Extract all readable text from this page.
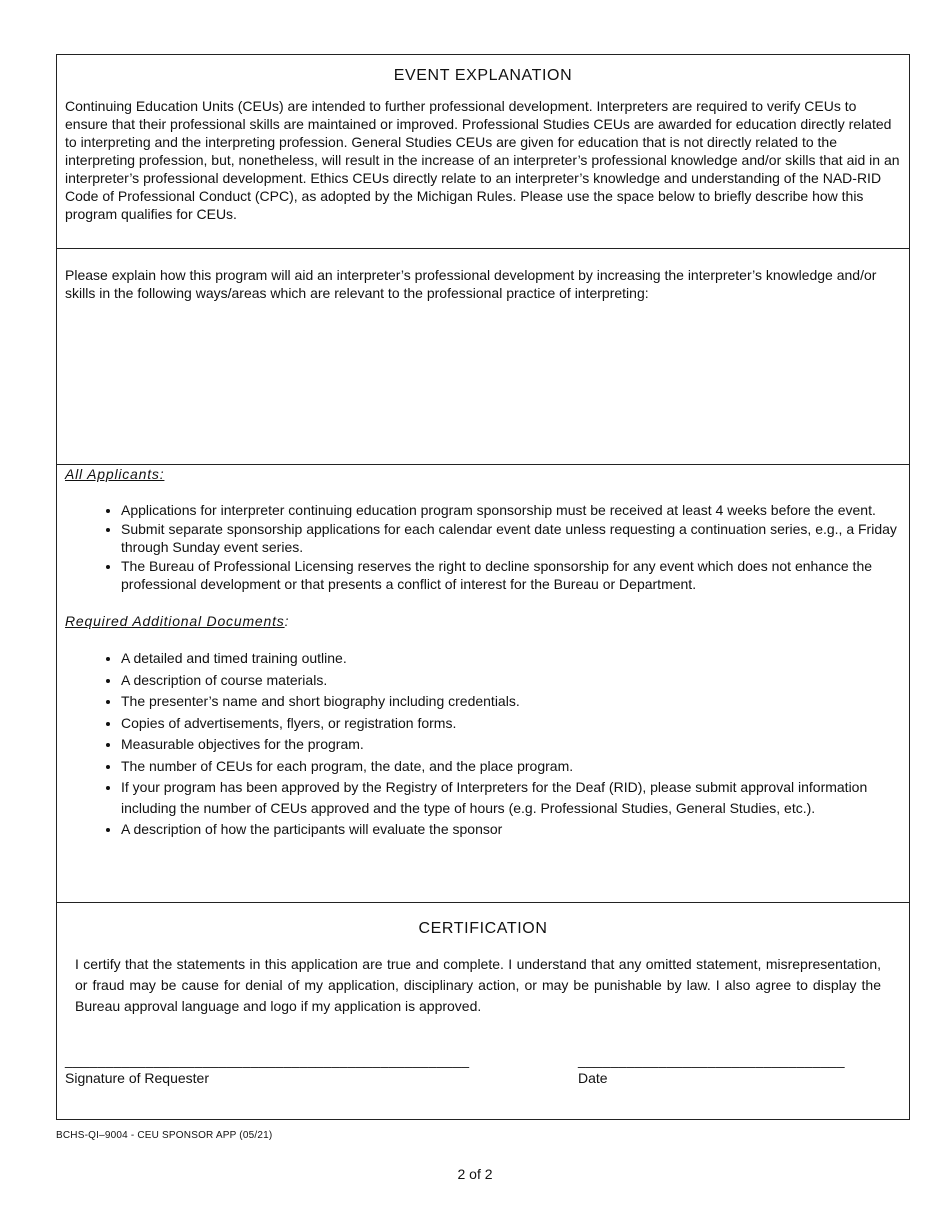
EVENT EXPLANATION

Continuing Education Units (CEUs) are intended to further professional development. Interpreters are required to verify CEUs to ensure that their professional skills are maintained or improved. Professional Studies CEUs are awarded for education directly related to interpreting and the interpreting profession. General Studies CEUs are given for education that is not directly related to the interpreting profession, but, nonetheless, will result in the increase of an interpreter’s professional knowledge and/or skills that aid in an interpreter’s professional development. Ethics CEUs directly relate to an interpreter’s knowledge and understanding of the NAD-RID Code of Professional Conduct (CPC), as adopted by the Michigan Rules. Please use the space below to briefly describe how this program qualifies for CEUs.

Please explain how this program will aid an interpreter’s professional development by increasing the interpreter’s knowledge and/or skills in the following ways/areas which are relevant to the professional practice of interpreting:

All Applicants:

• Applications for interpreter continuing education program sponsorship must be received at least 4 weeks before the event.
• Submit separate sponsorship applications for each calendar event date unless requesting a continuation series, e.g., a Friday through Sunday event series.
• The Bureau of Professional Licensing reserves the right to decline sponsorship for any event which does not enhance the professional development or that presents a conflict of interest for the Bureau or Department.

Required Additional Documents:

• A detailed and timed training outline.
• A description of course materials.
• The presenter’s name and short biography including credentials.
• Copies of advertisements, flyers, or registration forms.
• Measurable objectives for the program.
• The number of CEUs for each program, the date, and the place program.
• If your program has been approved by the Registry of Interpreters for the Deaf (RID), please submit approval information including the number of CEUs approved and the type of hours (e.g. Professional Studies, General Studies, etc.).
• A description of how the participants will evaluate the sponsor

CERTIFICATION

I certify that the statements in this application are true and complete. I understand that any omitted statement, misrepresentation, or fraud may be cause for denial of my application, disciplinary action, or may be punishable by law. I also agree to display the Bureau approval language and logo if my application is approved.

__________________________________________________
Signature of Requester
_________________________________
Date
BCHS-QI–9004 - CEU SPONSOR APP (05/21)
2 of 2
